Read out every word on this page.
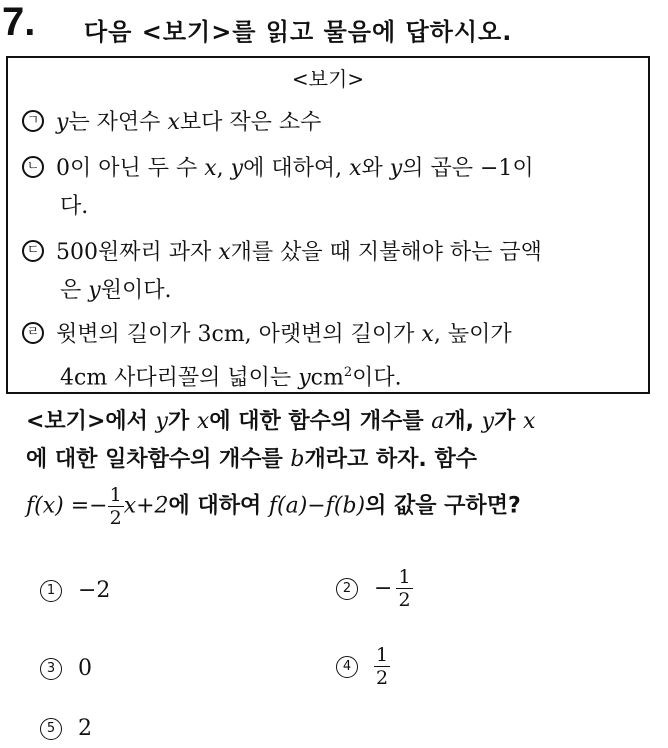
7. 다음 <보기>를 읽고 물음에 답하시오.
<보기>
ㄱ y는 자연수 x보다 작은 소수
ㄴ 0이 아닌 두 수 x, y에 대하여, x와 y의 곱은 −1이
다.
ㄷ 500원짜리 과자 x개를 샀을 때 지불해야 하는 금액
은 y원이다.
ㄹ 윗변의 길이가 3cm, 아랫변의 길이가 x, 높이가
4cm 사다리꼴의 넓이는 ycm$^2$이다.
<보기>에서 y가 x에 대한 함수의 개수를 a개, y가 x
에 대한 일차함수의 개수를 b개라고 하자. 함수
$f(x) =- \frac{1}{2} x+2$에 대하여 f(a)−f(b)의 값을 구하면?
1	−2	2	− $\frac{1}{2}$
3	0	4	$\frac{1}{2}$
5	2
